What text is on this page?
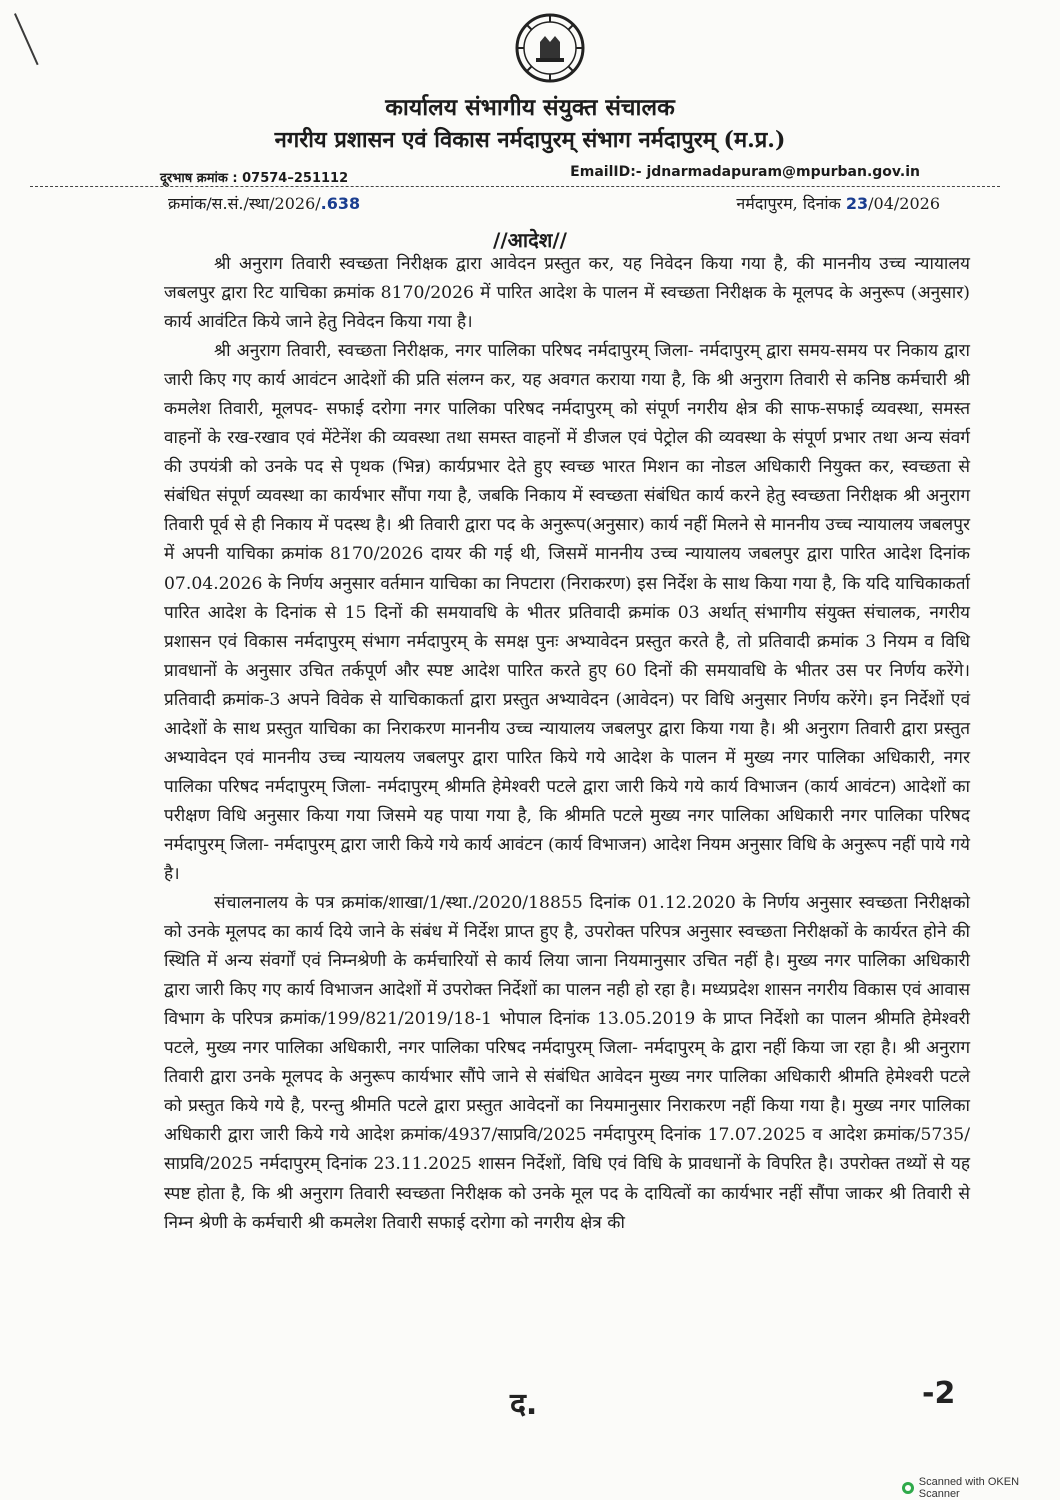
कार्यालय संभागीय संयुक्त संचालक
नगरीय प्रशासन एवं विकास नर्मदापुरम् संभाग नर्मदापुरम् (म.प्र.)
दूरभाष क्रमांक : 07574–251112	EmailID:- jdnarmadapuram@mpurban.gov.in
क्रमांक/स.सं./स्था/2026/.638	नर्मदापुरम, दिनांक 23/04/2026
//आदेश//

श्री अनुराग तिवारी स्वच्छता निरीक्षक द्वारा आवेदन प्रस्तुत कर, यह निवेदन किया गया है, की माननीय उच्च न्यायालय जबलपुर द्वारा रिट याचिका क्रमांक 8170/2026 में पारित आदेश के पालन में स्वच्छता निरीक्षक के मूलपद के अनुरूप (अनुसार) कार्य आवंटित किये जाने हेतु निवेदन किया गया है।

श्री अनुराग तिवारी, स्वच्छता निरीक्षक, नगर पालिका परिषद नर्मदापुरम् जिला- नर्मदापुरम् द्वारा समय-समय पर निकाय द्वारा जारी किए गए कार्य आवंटन आदेशों की प्रति संलग्न कर, यह अवगत कराया गया है, कि श्री अनुराग तिवारी से कनिष्ठ कर्मचारी श्री कमलेश तिवारी, मूलपद- सफाई दरोगा नगर पालिका परिषद नर्मदापुरम् को संपूर्ण नगरीय क्षेत्र की साफ-सफाई व्यवस्था, समस्त वाहनों के रख-रखाव एवं मेंटेनेंश की व्यवस्था तथा समस्त वाहनों में डीजल एवं पेट्रोल की व्यवस्था के संपूर्ण प्रभार तथा अन्य संवर्ग की उपयंत्री को उनके पद से पृथक (भिन्न) कार्यप्रभार देते हुए स्वच्छ भारत मिशन का नोडल अधिकारी नियुक्त कर, स्वच्छता से संबंधित संपूर्ण व्यवस्था का कार्यभार सौंपा गया है, जबकि निकाय में स्वच्छता संबंधित कार्य करने हेतु स्वच्छता निरीक्षक श्री अनुराग तिवारी पूर्व से ही निकाय में पदस्थ है। श्री तिवारी द्वारा पद के अनुरूप(अनुसार) कार्य नहीं मिलने से माननीय उच्च न्यायालय जबलपुर में अपनी याचिका क्रमांक 8170/2026 दायर की गई थी, जिसमें माननीय उच्च न्यायालय जबलपुर द्वारा पारित आदेश दिनांक 07.04.2026 के निर्णय अनुसार वर्तमान याचिका का निपटारा (निराकरण) इस निर्देश के साथ किया गया है, कि यदि याचिकाकर्ता पारित आदेश के दिनांक से 15 दिनों की समयावधि के भीतर प्रतिवादी क्रमांक 03 अर्थात् संभागीय संयुक्त संचालक, नगरीय प्रशासन एवं विकास नर्मदापुरम् संभाग नर्मदापुरम् के समक्ष पुनः अभ्यावेदन प्रस्तुत करते है, तो प्रतिवादी क्रमांक 3 नियम व विधि प्रावधानों के अनुसार उचित तर्कपूर्ण और स्पष्ट आदेश पारित करते हुए 60 दिनों की समयावधि के भीतर उस पर निर्णय करेंगे। प्रतिवादी क्रमांक-3 अपने विवेक से याचिकाकर्ता द्वारा प्रस्तुत अभ्यावेदन (आवेदन) पर विधि अनुसार निर्णय करेंगे। इन निर्देशों एवं आदेशों के साथ प्रस्तुत याचिका का निराकरण माननीय उच्च न्यायालय जबलपुर द्वारा किया गया है। श्री अनुराग तिवारी द्वारा प्रस्तुत अभ्यावेदन एवं माननीय उच्च न्यायलय जबलपुर द्वारा पारित किये गये आदेश के पालन में मुख्य नगर पालिका अधिकारी, नगर पालिका परिषद नर्मदापुरम् जिला- नर्मदापुरम् श्रीमति हेमेश्वरी पटले द्वारा जारी किये गये कार्य विभाजन (कार्य आवंटन) आदेशों का परीक्षण विधि अनुसार किया गया जिसमे यह पाया गया है, कि श्रीमति पटले मुख्य नगर पालिका अधिकारी नगर पालिका परिषद नर्मदापुरम् जिला- नर्मदापुरम् द्वारा जारी किये गये कार्य आवंटन (कार्य विभाजन) आदेश नियम अनुसार विधि के अनुरूप नहीं पाये गये है।

संचालनालय के पत्र क्रमांक/शाखा/1/स्था./2020/18855 दिनांक 01.12.2020 के निर्णय अनुसार स्वच्छता निरीक्षको को उनके मूलपद का कार्य दिये जाने के संबंध में निर्देश प्राप्त हुए है, उपरोक्त परिपत्र अनुसार स्वच्छता निरीक्षकों के कार्यरत होने की स्थिति में अन्य संवर्गों एवं निम्नश्रेणी के कर्मचारियों से कार्य लिया जाना नियमानुसार उचित नहीं है। मुख्य नगर पालिका अधिकारी द्वारा जारी किए गए कार्य विभाजन आदेशों में उपरोक्त निर्देशों का पालन नही हो रहा है। मध्यप्रदेश शासन नगरीय विकास एवं आवास विभाग के परिपत्र क्रमांक/199/821/2019/18-1 भोपाल दिनांक 13.05.2019 के प्राप्त निर्देशो का पालन श्रीमति हेमेश्वरी पटले, मुख्य नगर पालिका अधिकारी, नगर पालिका परिषद नर्मदापुरम् जिला- नर्मदापुरम् के द्वारा नहीं किया जा रहा है। श्री अनुराग तिवारी द्वारा उनके मूलपद के अनुरूप कार्यभार सौंपे जाने से संबंधित आवेदन मुख्य नगर पालिका अधिकारी श्रीमति हेमेश्वरी पटले को प्रस्तुत किये गये है, परन्तु श्रीमति पटले द्वारा प्रस्तुत आवेदनों का नियमानुसार निराकरण नहीं किया गया है। मुख्य नगर पालिका अधिकारी द्वारा जारी किये गये आदेश क्रमांक/4937/साप्रवि/2025 नर्मदापुरम् दिनांक 17.07.2025 व आदेश क्रमांक/5735/साप्रवि/2025 नर्मदापुरम् दिनांक 23.11.2025 शासन निर्देशों, विधि एवं विधि के प्रावधानों के विपरित है। उपरोक्त तथ्यों से यह स्पष्ट होता है, कि श्री अनुराग तिवारी स्वच्छता निरीक्षक को उनके मूल पद के दायित्वों का कार्यभार नहीं सौंपा जाकर श्री तिवारी से निम्न श्रेणी के कर्मचारी श्री कमलेश तिवारी सफाई दरोगा को नगरीय क्षेत्र की

द.	-2
Scanned with OKEN Scanner
